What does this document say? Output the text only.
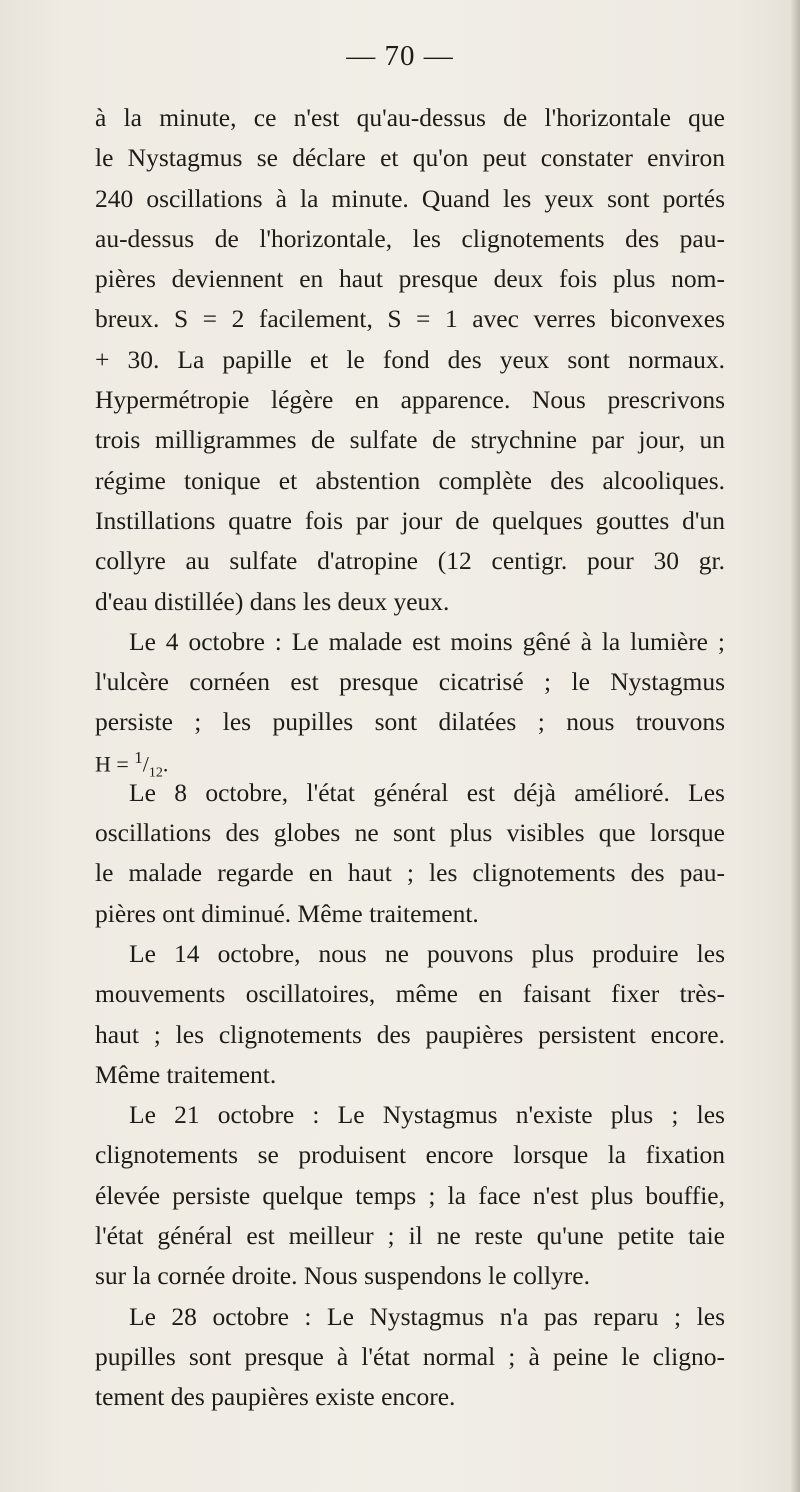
— 70 —

à la minute, ce n'est qu'au-dessus de l'horizontale que

le Nystagmus se déclare et qu'on peut constater environ

240 oscillations à la minute. Quand les yeux sont portés

au-dessus de l'horizontale, les clignotements des pau-

pières deviennent en haut presque deux fois plus nom-

breux. S = 2 facilement, S = 1 avec verres biconvexes

+ 30. La papille et le fond des yeux sont normaux.

Hypermétropie légère en apparence. Nous prescrivons

trois milligrammes de sulfate de strychnine par jour, un

régime tonique et abstention complète des alcooliques.

Instillations quatre fois par jour de quelques gouttes d'un

collyre au sulfate d'atropine (12 centigr. pour 30 gr.

d'eau distillée) dans les deux yeux.

Le 4 octobre : Le malade est moins gêné à la lumière ;

l'ulcère cornéen est presque cicatrisé ; le Nystagmus

persiste ; les pupilles sont dilatées ; nous trouvons

$H = ^1/_{12}$.

Le 8 octobre, l'état général est déjà amélioré. Les

oscillations des globes ne sont plus visibles que lorsque

le malade regarde en haut ; les clignotements des pau-

pières ont diminué. Même traitement.

Le 14 octobre, nous ne pouvons plus produire les

mouvements oscillatoires, même en faisant fixer très-

haut ; les clignotements des paupières persistent encore.

Même traitement.

Le 21 octobre : Le Nystagmus n'existe plus ; les

clignotements se produisent encore lorsque la fixation

élevée persiste quelque temps ; la face n'est plus bouffie,

l'état général est meilleur ; il ne reste qu'une petite taie

sur la cornée droite. Nous suspendons le collyre.

Le 28 octobre : Le Nystagmus n'a pas reparu ; les

pupilles sont presque à l'état normal ; à peine le cligno-

tement des paupières existe encore.
